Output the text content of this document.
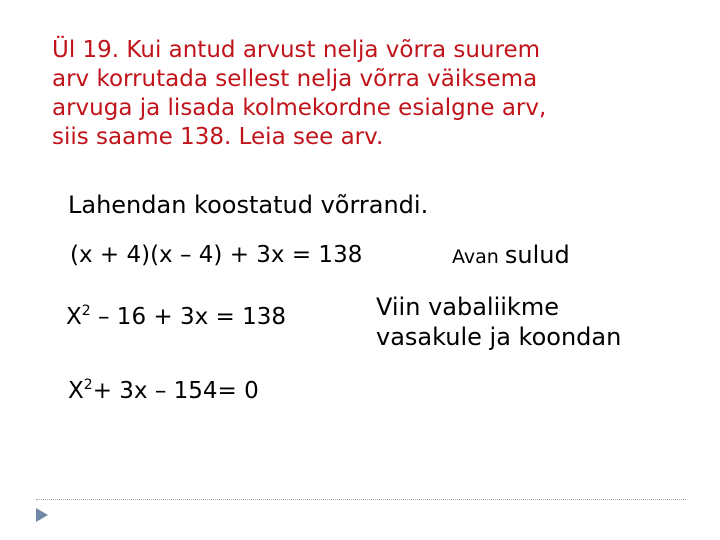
Ül 19. Kui antud arvust nelja võrra suurem
arv korrutada sellest nelja võrra väiksema
arvuga ja lisada kolmekordne esialgne arv,
siis saame 138. Leia see arv.
Lahendan koostatud võrrandi.
(x + 4)(x – 4) + 3x = 138	Avan sulud
$X^2 - 16 + 3x = 138$	Viin vabaliikme
vasakule ja koondan
$X^2+ 3x - 154= 0$
